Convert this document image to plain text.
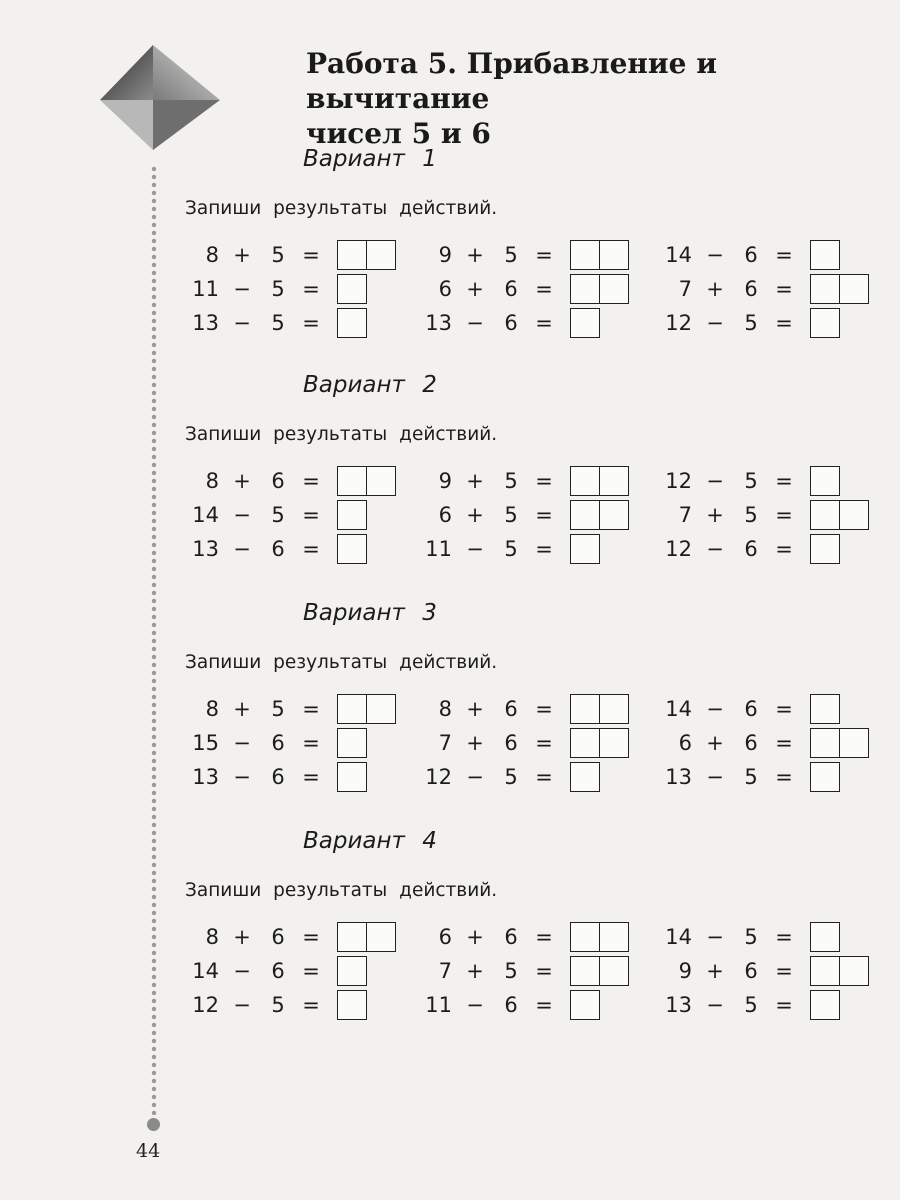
Работа 5. Прибавление и вычитание
чисел 5 и 6
Вариант 1
Запиши результаты действий.
8 + 5 =
11 − 5 =
13 − 5 =
9 + 5 =
6 + 6 =
13 − 6 =
14 − 6 =
7 + 6 =
12 − 5 =
Вариант 2
Запиши результаты действий.
8 + 6 =
14 − 5 =
13 − 6 =
9 + 5 =
6 + 5 =
11 − 5 =
12 − 5 =
7 + 5 =
12 − 6 =
Вариант 3
Запиши результаты действий.
8 + 5 =
15 − 6 =
13 − 6 =
8 + 6 =
7 + 6 =
12 − 5 =
14 − 6 =
6 + 6 =
13 − 5 =
Вариант 4
Запиши результаты действий.
8 + 6 =
14 − 6 =
12 − 5 =
6 + 6 =
7 + 5 =
11 − 6 =
14 − 5 =
9 + 6 =
13 − 5 =
44
